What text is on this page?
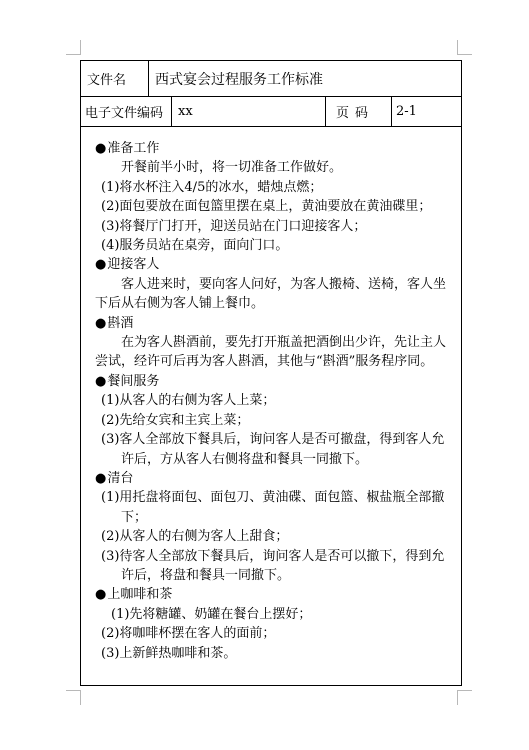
文件名	西式宴会过程服务工作标准
电子文件编码	xx	页码	2-1

●准备工作

开餐前半小时，将一切准备工作做好。

(1)将水杯注入4/5的冰水，蜡烛点燃；

(2)面包要放在面包篮里摆在桌上，黄油要放在黄油碟里；

(3)将餐厅门打开，迎送员站在门口迎接客人；

(4)服务员站在桌旁，面向门口。

●迎接客人

客人进来时，要向客人问好，为客人搬椅、送椅，客人坐下后从右侧为客人铺上餐巾。

●斟酒

在为客人斟酒前，要先打开瓶盖把酒倒出少许，先让主人尝试，经许可后再为客人斟酒，其他与“斟酒”服务程序同。

●餐间服务

(1)从客人的右侧为客人上菜；

(2)先给女宾和主宾上菜；

(3)客人全部放下餐具后，询问客人是否可撤盘，得到客人允许后，方从客人右侧将盘和餐具一同撤下。

●清台

(1)用托盘将面包、面包刀、黄油碟、面包篮、椒盐瓶全部撤下；

(2)从客人的右侧为客人上甜食；

(3)待客人全部放下餐具后，询问客人是否可以撤下，得到允许后，将盘和餐具一同撤下。

●上咖啡和茶

(1)先将糖罐、奶罐在餐台上摆好；

(2)将咖啡杯摆在客人的面前；

(3)上新鲜热咖啡和茶。
